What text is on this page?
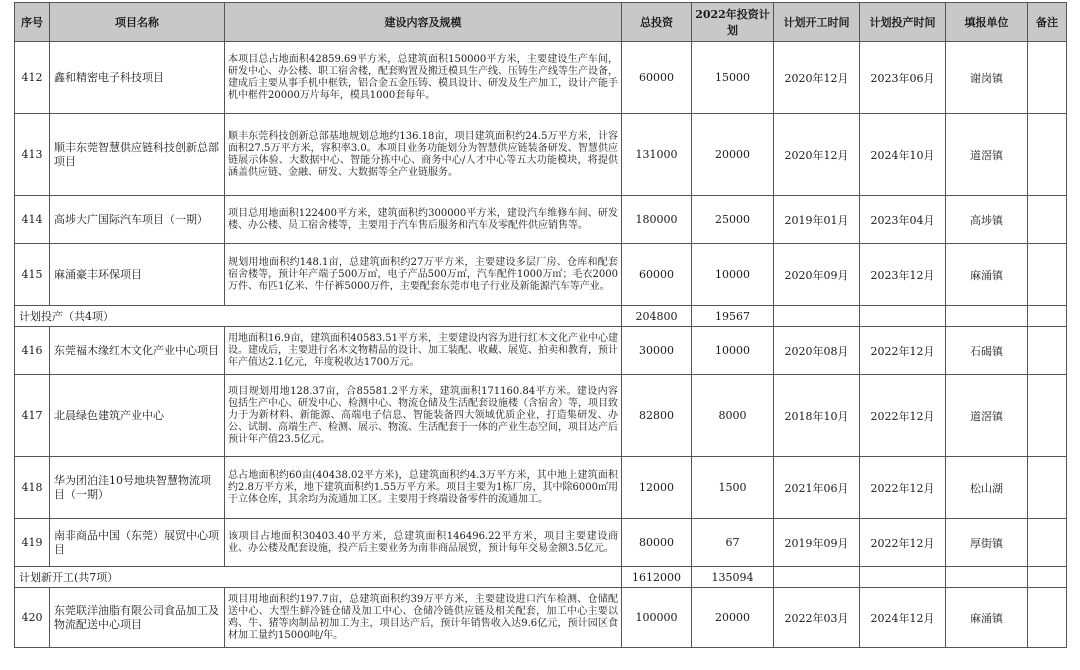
序号	项目名称	建设内容及规模	总投资	2022年投资计划	计划开工时间	计划投产时间	填报单位	备注
412	鑫和精密电子科技项目	本项目总占地面积42859.69平方米，总建筑面积150000平方米，主要建设生产车间，研发中心、办公楼、职工宿舍楼，配套购置及搬迁模具生产线、压铸生产线等生产设备，建成后主要从事手机中框铁，铝合金五金压铸、模具设计、研发及生产加工，设计产能手机中框件20000万片每年，模具1000套每年。	60000	15000	2020年12月	2023年06月	谢岗镇	
413	顺丰东莞智慧供应链科技创新总部项目	顺丰东莞科技创新总部基地规划总地约136.18亩，项目建筑面积约24.5万平方米，计容面积27.5万平方米，容积率3.0。本项目业务功能划分为智慧供应链装备研发、智慧供应链展示体验、大数据中心、智能分拣中心、商务中心/人才中心等五大功能模块，将提供涵盖供应链、金融、研发、大数据等全产业链服务。	131000	20000	2020年12月	2024年10月	道滘镇	
414	高埗大广国际汽车项目（一期）	项目总用地面积122400平方米，建筑面积约300000平方米，建设汽车维修车间、研发楼、办公楼、员工宿舍楼等，主要用于汽车售后服务和汽车及零配件供应销售等。	180000	25000	2019年01月	2023年04月	高埗镇	
415	麻涌豪丰环保项目	规划用地面积约148.1亩，总建筑面积约27万平方米，主要建设多层厂房、仓库和配套宿舍楼等，预计年产端子500万㎡，电子产品500万㎡，汽车配件1000万㎡；毛衣2000万件、布匹1亿米、牛仔裤5000万件，主要配套东莞市电子行业及新能源汽车等产业。	60000	10000	2020年09月	2023年12月	麻涌镇	
计划投产（共4项）			204800	19567				
416	东莞福木缘红木文化产业中心项目	用地面积16.9亩，建筑面积40583.51平方米，主要建设内容为进行红木文化产业中心建设。建成后，主要进行名木文物精品的设计、加工装配、收藏、展览、拍卖和教育，预计年产值达2.1亿元，年度税收达1700万元。	30000	10000	2020年08月	2022年12月	石碣镇	
417	北晨绿色建筑产业中心	项目规划用地128.37亩，合85581.2平方米，建筑面积171160.84平方米。建设内容包括生产中心、研发中心、检测中心、物流仓储及生活配套设施楼（含宿舍）等，项目致力于为新材料、新能源、高端电子信息、智能装备四大领域优质企业，打造集研发、办公、试制、高端生产、检测、展示、物流、生活配套于一体的产业生态空间，项目达产后预计年产值23.5亿元。	82800	8000	2018年10月	2022年12月	道滘镇	
418	华为团泊洼10号地块智慧物流项目（一期）	总占地面积约60亩(40438.02平方米)，总建筑面积约4.3万平方米，其中地上建筑面积约2.8万平方米，地下建筑面积约1.55万平方米。项目主要为1栋厂房，其中除6000㎡用于立体仓库，其余均为流通加工区。主要用于终端设备零件的流通加工。	12000	1500	2021年06月	2022年12月	松山湖	
419	南非商品中国（东莞）展贸中心项目	该项目占地面积30403.40平方米，总建筑面积146496.22平方米，项目主要建设商业、办公楼及配套设施，投产后主要业务为南非商品展贸，预计每年交易金额3.5亿元。	80000	67	2019年09月	2022年12月	厚街镇	
计划新开工(共7项）			1612000	135094				
420	东莞联洋油脂有限公司食品加工及物流配送中心项目	项目用地面积约197.7亩，总建筑面积约39万平方米，主要建设进口汽车检测、仓储配送中心、大型生鲜冷链仓储及加工中心、仓储冷链供应链及相关配套，加工中心主要以鸡、牛、猪等肉制品初加工为主，项目达产后，预计年销售收入达9.6亿元，预计园区食材加工量约15000吨/年。	100000	20000	2022年03月	2024年12月	麻涌镇	
